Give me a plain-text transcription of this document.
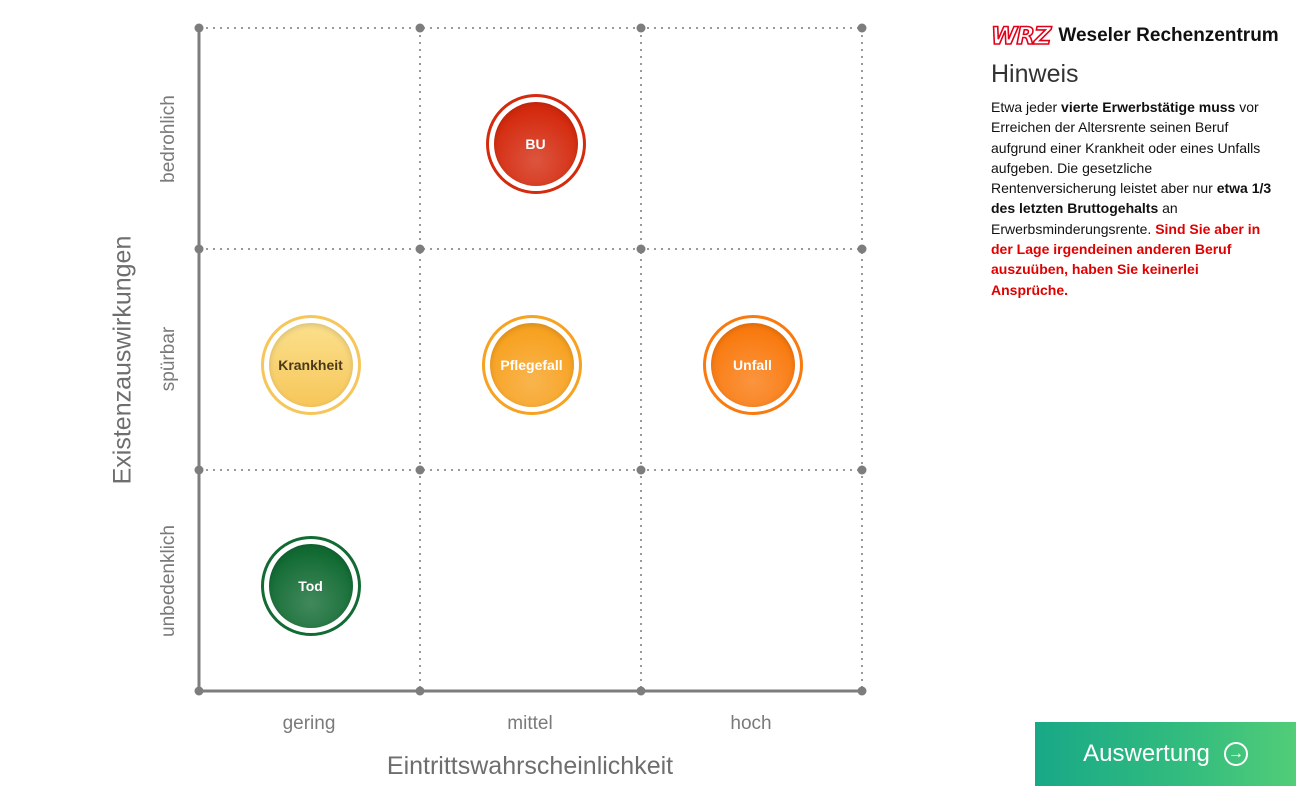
Existenzauswirkungen
bedrohlich
spürbar
unbedenklich
gering	mittel	hoch
Eintrittswahrscheinlichkeit
BU
Krankheit	Pflegefall	Unfall
Tod
WRZ Weseler Rechenzentrum
Hinweis
Etwa jeder vierte Erwerbstätige muss vor Erreichen der Altersrente seinen Beruf aufgrund einer Krankheit oder eines Unfalls aufgeben. Die gesetzliche Rentenversicherung leistet aber nur etwa 1/3 des letzten Bruttogehalts an Erwerbsminderungsrente. Sind Sie aber in der Lage irgendeinen anderen Beruf auszuüben, haben Sie keinerlei Ansprüche.
Auswertung →
